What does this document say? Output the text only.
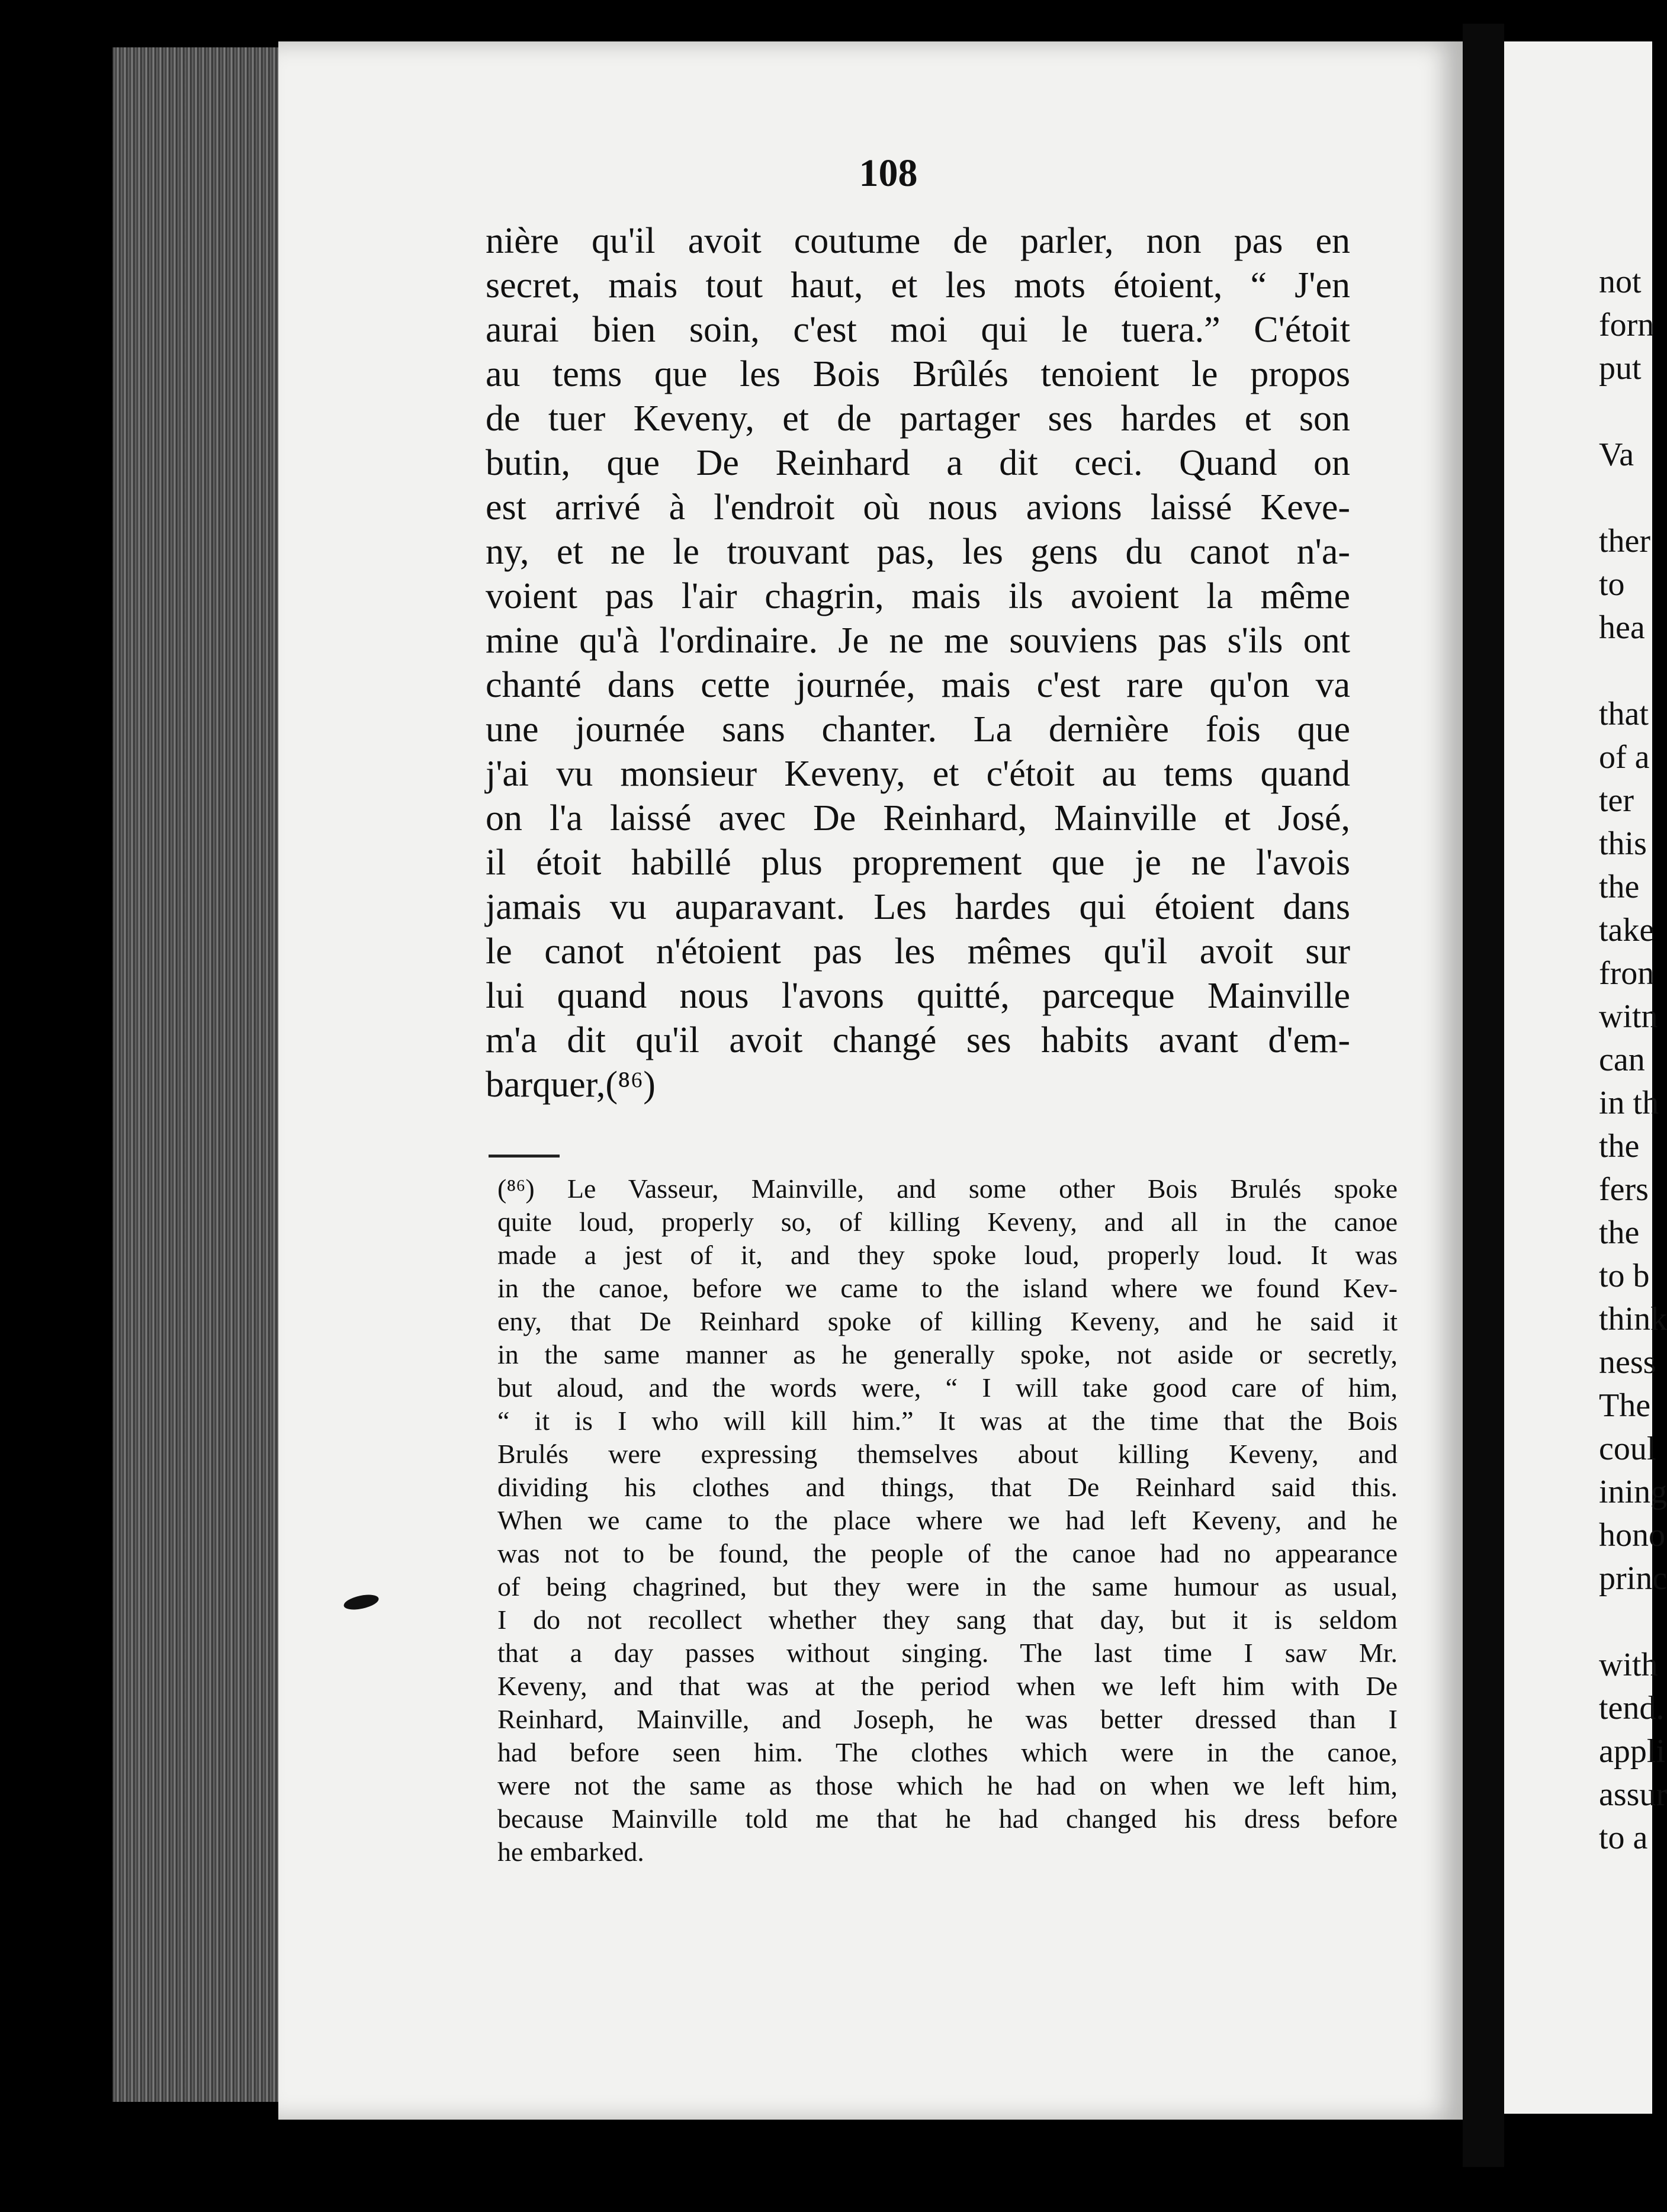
108
nière qu'il avoit coutume de parler, non pas en
secret, mais tout haut, et les mots étoient, “ J'en
aurai bien soin, c'est moi qui le tuera.” C'étoit
au tems que les Bois Brûlés tenoient le propos
de tuer Keveny, et de partager ses hardes et son
butin, que De Reinhard a dit ceci. Quand on
est arrivé à l'endroit où nous avions laissé Keve-
ny, et ne le trouvant pas, les gens du canot n'a-
voient pas l'air chagrin, mais ils avoient la même
mine qu'à l'ordinaire. Je ne me souviens pas s'ils ont
chanté dans cette journée, mais c'est rare qu'on va
une journée sans chanter. La dernière fois que
j'ai vu monsieur Keveny, et c'étoit au tems quand
on l'a laissé avec De Reinhard, Mainville et José,
il étoit habillé plus proprement que je ne l'avois
jamais vu auparavant. Les hardes qui étoient dans
le canot n'étoient pas les mêmes qu'il avoit sur
lui quand nous l'avons quitté, parceque Mainville
m'a dit qu'il avoit changé ses habits avant d'em-
barquer,(⁸⁶)
(⁸⁶) Le Vasseur, Mainville, and some other Bois Brulés spoke
quite loud, properly so, of killing Keveny, and all in the canoe
made a jest of it, and they spoke loud, properly loud. It was
in the canoe, before we came to the island where we found Kev-
eny, that De Reinhard spoke of killing Keveny, and he said it
in the same manner as he generally spoke, not aside or secretly,
but aloud, and the words were, “ I will take good care of him,
“ it is I who will kill him.” It was at the time that the Bois
Brulés were expressing themselves about killing Keveny, and
dividing his clothes and things, that De Reinhard said this.
When we came to the place where we had left Keveny, and he
was not to be found, the people of the canoe had no appearance
of being chagrined, but they were in the same humour as usual,
I do not recollect whether they sang that day, but it is seldom
that a day passes without singing. The last time I saw Mr.
Keveny, and that was at the period when we left him with De
Reinhard, Mainville, and Joseph, he was better dressed than I
had before seen him. The clothes which were in the canoe,
were not the same as those which he had on when we left him,
because Mainville told me that he had changed his dress before
he embarked.
not
forn
put
Va
ther
to
hea
that
of a
ter
this
the
take
fron
witn
can
in th
the
fers
the
to b
think
ness
The
coul
ining
hono
princ
with
tend.
appli
assur
to a
